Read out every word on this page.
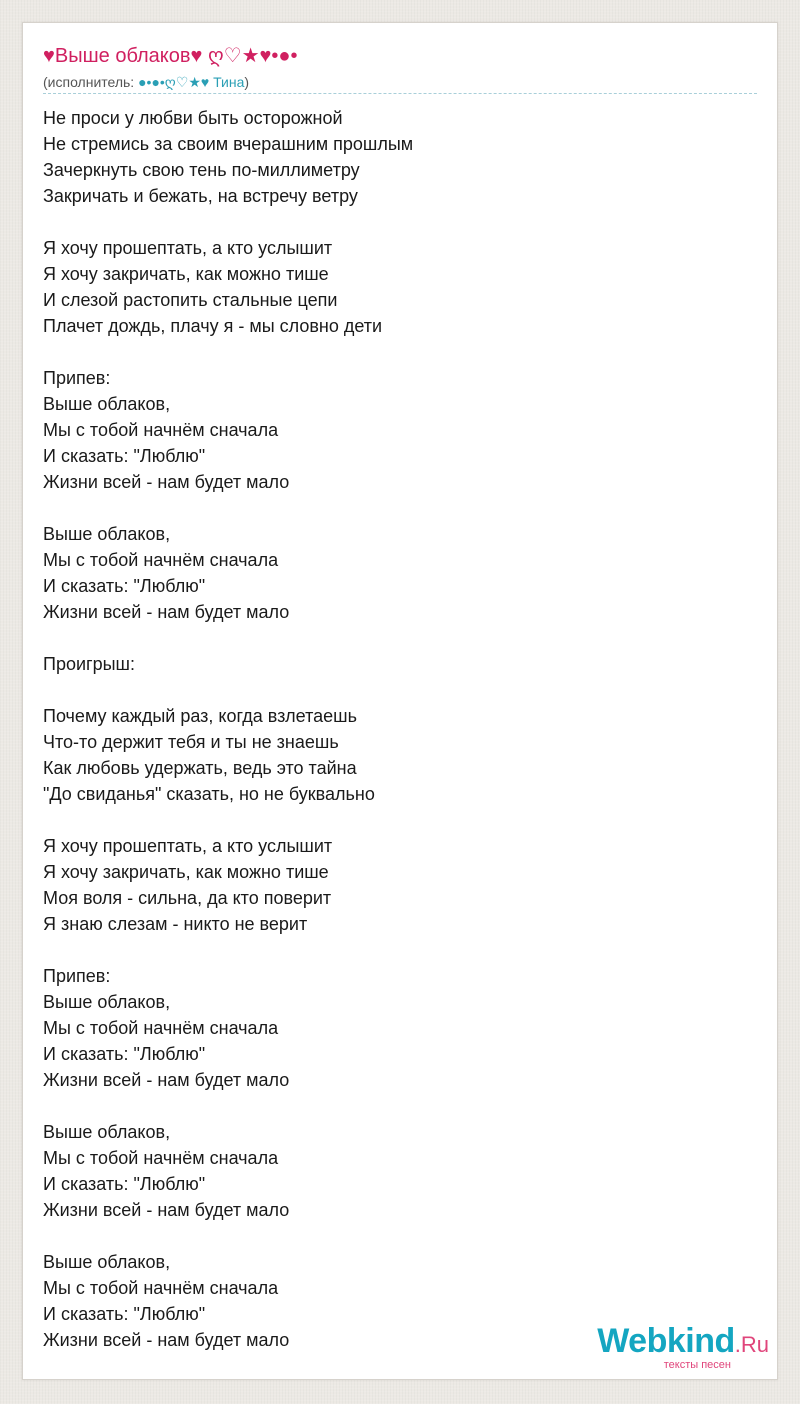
♥Выше облаков♥ ღ♡★♥•●•
(исполнитель: ●•●•ღ♡★♥ Тина)
Не проси у любви быть осторожной
Не стремись за своим вчерашним прошлым
Зачеркнуть свою тень по-миллиметру
Закричать и бежать, на встречу ветру
Я хочу прошептать, а кто услышит
Я хочу закричать, как можно тише
И слезой растопить стальные цепи
Плачет дождь, плачу я - мы словно дети
Припев:
Выше облаков,
Мы с тобой начнём сначала
И сказать: "Люблю"
Жизни всей - нам будет мало
Выше облаков,
Мы с тобой начнём сначала
И сказать: "Люблю"
Жизни всей - нам будет мало
Проигрыш:
Почему каждый раз, когда взлетаешь
Что-то держит тебя и ты не знаешь
Как любовь удержать, ведь это тайна
"До свиданья" сказать, но не буквально
Я хочу прошептать, а кто услышит
Я хочу закричать, как можно тише
Моя воля - сильна, да кто поверит
Я знаю слезам - никто не верит
Припев:
Выше облаков,
Мы с тобой начнём сначала
И сказать: "Люблю"
Жизни всей - нам будет мало
Выше облаков,
Мы с тобой начнём сначала
И сказать: "Люблю"
Жизни всей - нам будет мало
Выше облаков,
Мы с тобой начнём сначала
И сказать: "Люблю"
Жизни всей - нам будет мало	Webkind.Ru
тексты песен
